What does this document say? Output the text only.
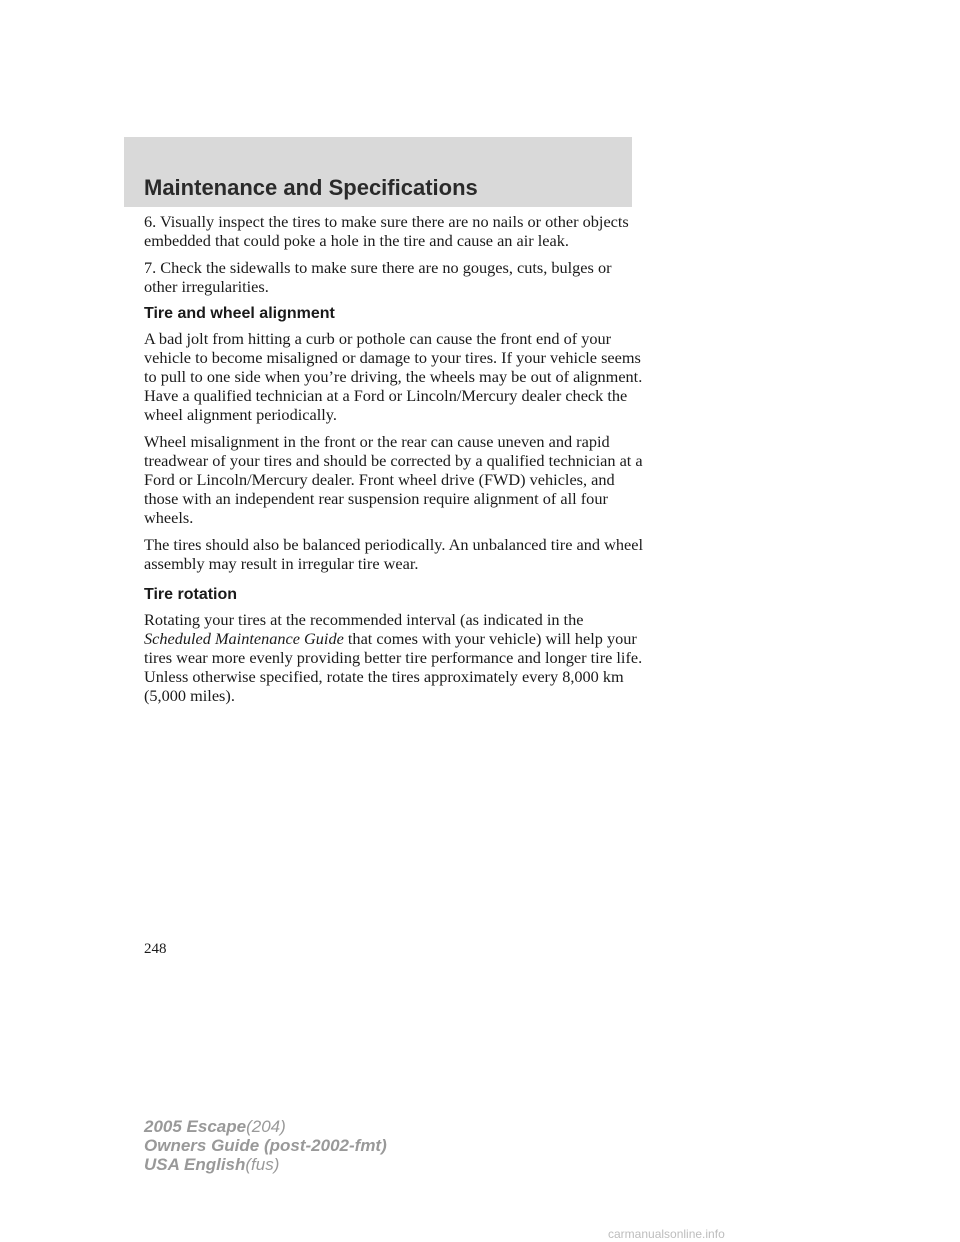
Maintenance and Specifications

6. Visually inspect the tires to make sure there are no nails or other objects embedded that could poke a hole in the tire and cause an air leak.

7. Check the sidewalls to make sure there are no gouges, cuts, bulges or other irregularities.

Tire and wheel alignment

A bad jolt from hitting a curb or pothole can cause the front end of your vehicle to become misaligned or damage to your tires. If your vehicle seems to pull to one side when you’re driving, the wheels may be out of alignment. Have a qualified technician at a Ford or Lincoln/Mercury dealer check the wheel alignment periodically.

Wheel misalignment in the front or the rear can cause uneven and rapid treadwear of your tires and should be corrected by a qualified technician at a Ford or Lincoln/Mercury dealer. Front wheel drive (FWD) vehicles, and those with an independent rear suspension require alignment of all four wheels.

The tires should also be balanced periodically. An unbalanced tire and wheel assembly may result in irregular tire wear.

Tire rotation

Rotating your tires at the recommended interval (as indicated in the Scheduled Maintenance Guide that comes with your vehicle) will help your tires wear more evenly providing better tire performance and longer tire life. Unless otherwise specified, rotate the tires approximately every 8,000 km (5,000 miles).

248
2005 Escape(204)
Owners Guide (post-2002-fmt)
USA English(fus)
carmanualsonline.info
